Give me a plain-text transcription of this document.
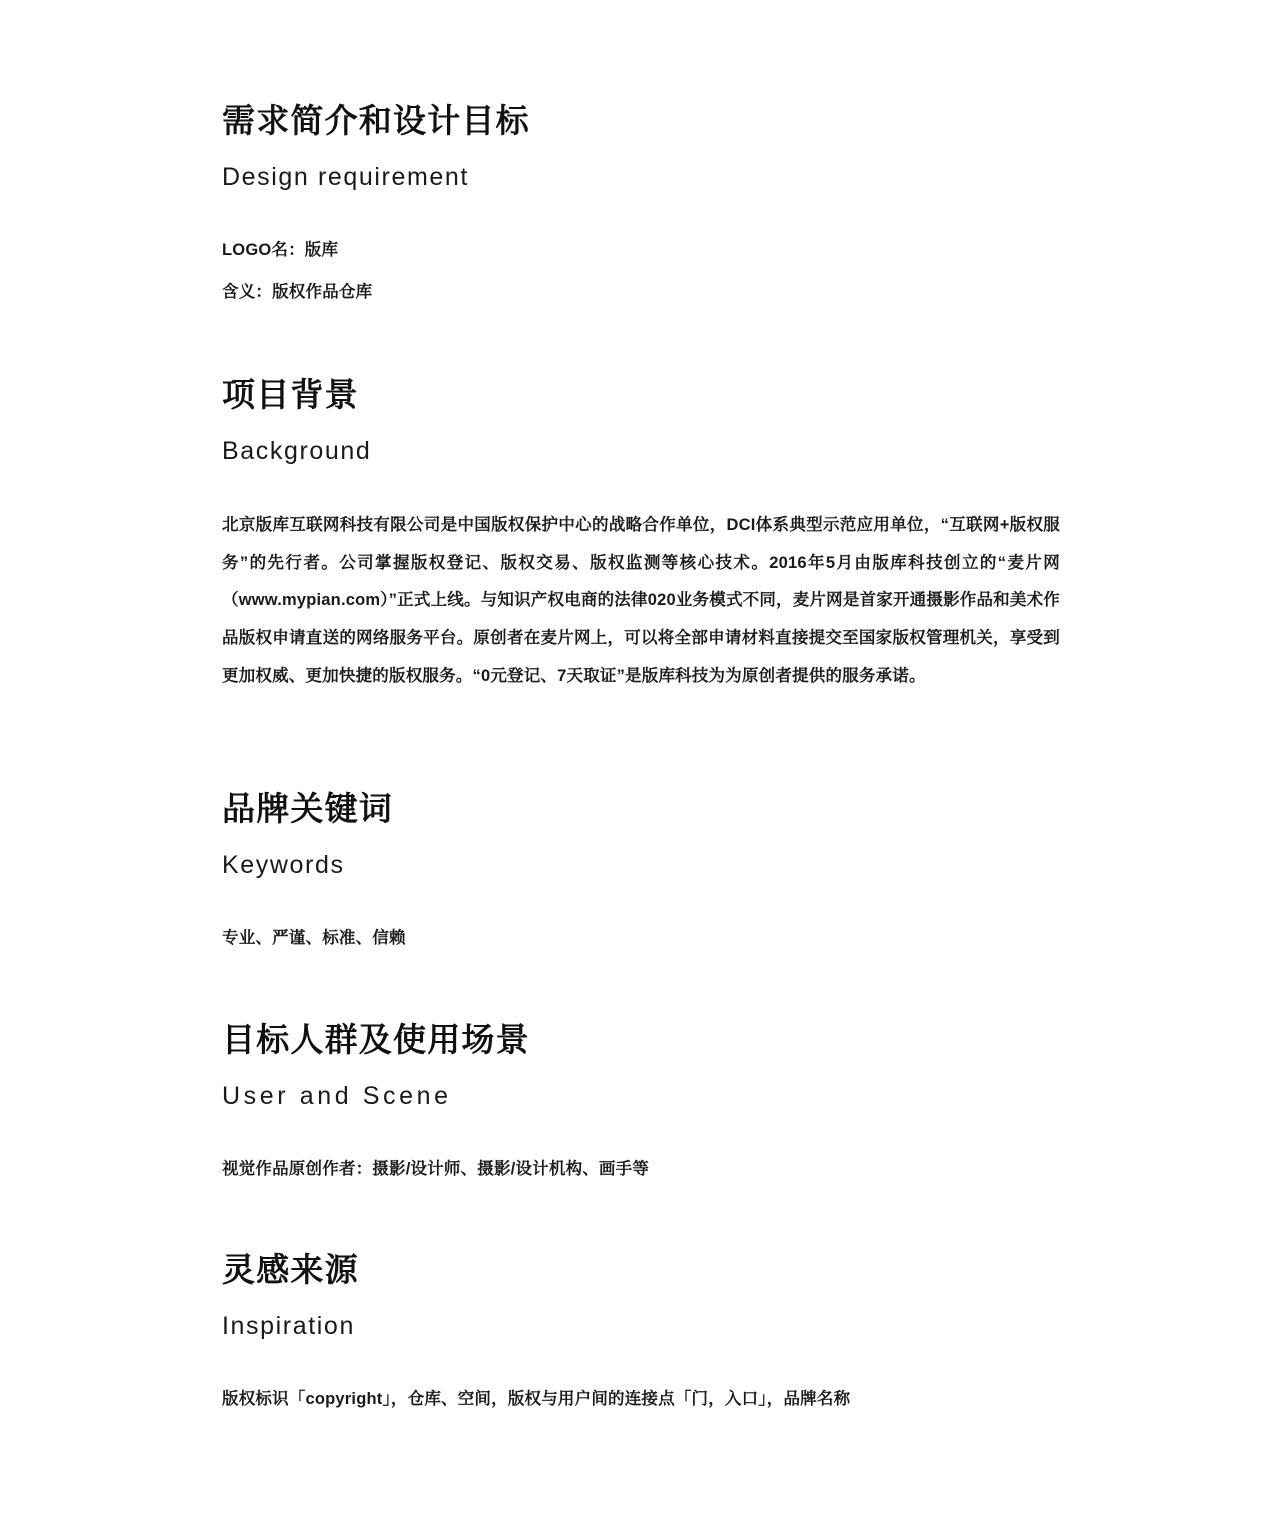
需求简介和设计目标
Design requirement

LOGO名：版库

含义：版权作品仓库

项目背景
Background

北京版库互联网科技有限公司是中国版权保护中心的战略合作单位，DCI体系典型示范应用单位，“互联网+版权服务”的先行者。公司掌握版权登记、版权交易、版权监测等核心技术。2016年5月由版库科技创立的“麦片网（www.mypian.com）”正式上线。与知识产权电商的法律020业务模式不同，麦片网是首家开通摄影作品和美术作品版权申请直送的网络服务平台。原创者在麦片网上，可以将全部申请材料直接提交至国家版权管理机关，享受到更加权威、更加快捷的版权服务。“0元登记、7天取证”是版库科技为为原创者提供的服务承诺。

品牌关键词
Keywords

专业、严谨、标准、信赖

目标人群及使用场景
User and Scene

视觉作品原创作者：摄影/设计师、摄影/设计机构、画手等

灵感来源
Inspiration

版权标识「copyright」，仓库、空间，版权与用户间的连接点「门，入口」，品牌名称
